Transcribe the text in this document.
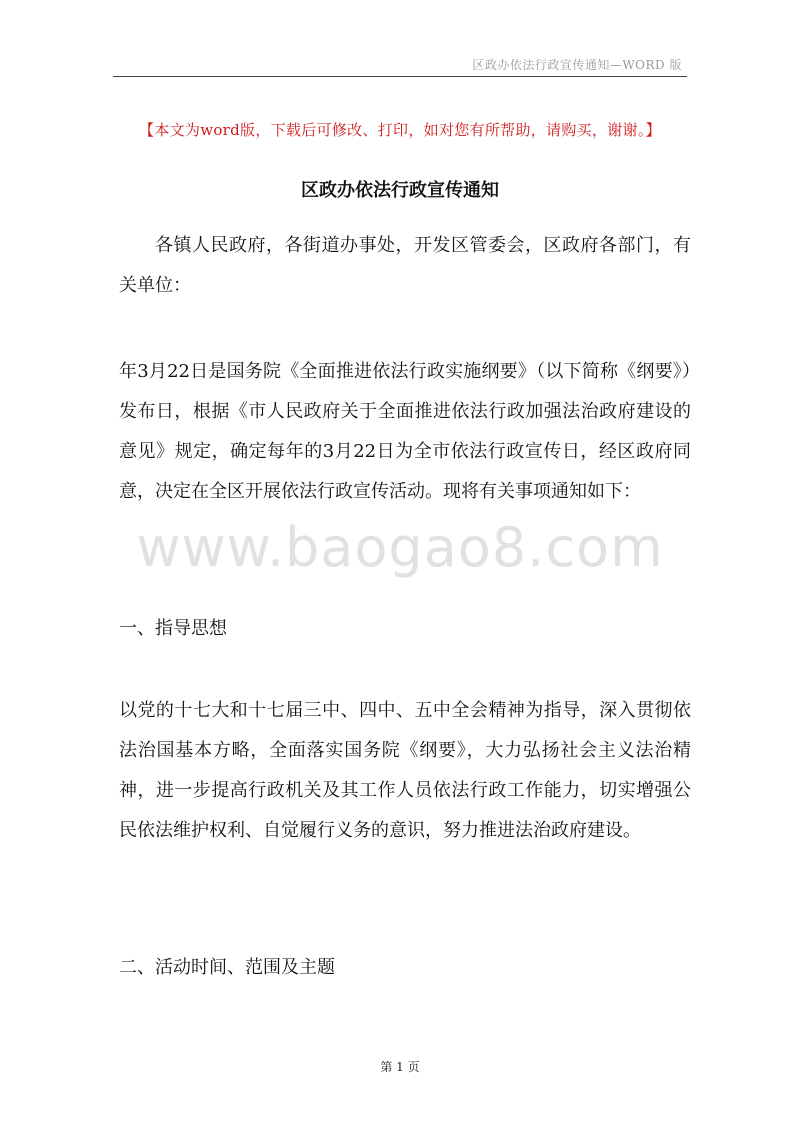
区政办依法行政宣传通知—WORD 版
【本文为word版，下载后可修改、打印，如对您有所帮助，请购买，谢谢。】
区政办依法行政宣传通知
各镇人民政府，各街道办事处，开发区管委会，区政府各部门，有关单位：
年3月22日是国务院《全面推进依法行政实施纲要》（以下简称《纲要》）发布日，根据《市人民政府关于全面推进依法行政加强法治政府建设的意见》规定，确定每年的3月22日为全市依法行政宣传日，经区政府同意，决定在全区开展依法行政宣传活动。现将有关事项通知如下：
一、指导思想
以党的十七大和十七届三中、四中、五中全会精神为指导，深入贯彻依法治国基本方略，全面落实国务院《纲要》，大力弘扬社会主义法治精神，进一步提高行政机关及其工作人员依法行政工作能力，切实增强公民依法维护权利、自觉履行义务的意识，努力推进法治政府建设。
二、活动时间、范围及主题
www.baogao8.com
第 1 页
